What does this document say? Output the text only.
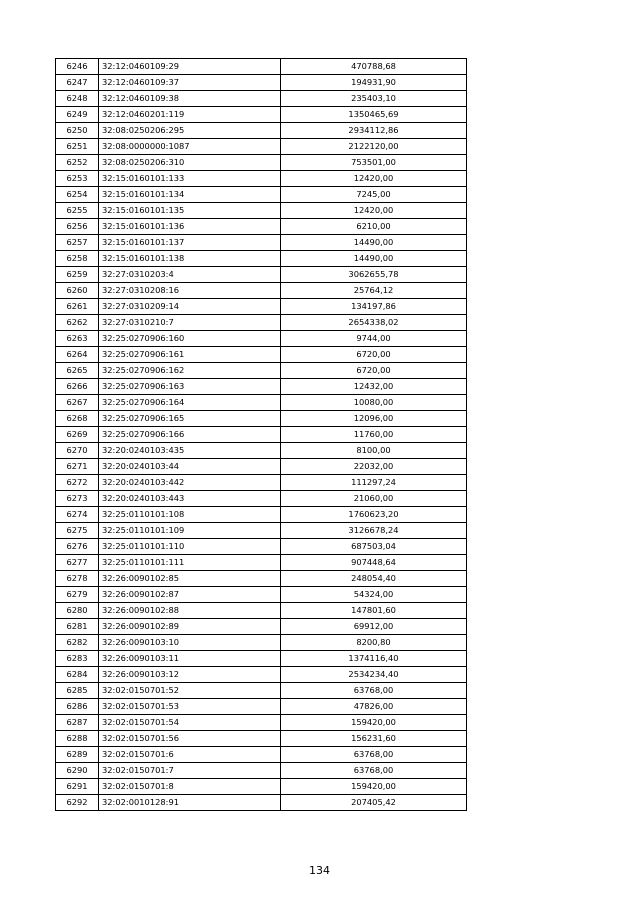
6246	32:12:0460109:29	470788,68
6247	32:12:0460109:37	194931,90
6248	32:12:0460109:38	235403,10
6249	32:12:0460201:119	1350465,69
6250	32:08:0250206:295	2934112,86
6251	32:08:0000000:1087	2122120,00
6252	32:08:0250206:310	753501,00
6253	32:15:0160101:133	12420,00
6254	32:15:0160101:134	7245,00
6255	32:15:0160101:135	12420,00
6256	32:15:0160101:136	6210,00
6257	32:15:0160101:137	14490,00
6258	32:15:0160101:138	14490,00
6259	32:27:0310203:4	3062655,78
6260	32:27:0310208:16	25764,12
6261	32:27:0310209:14	134197,86
6262	32:27:0310210:7	2654338,02
6263	32:25:0270906:160	9744,00
6264	32:25:0270906:161	6720,00
6265	32:25:0270906:162	6720,00
6266	32:25:0270906:163	12432,00
6267	32:25:0270906:164	10080,00
6268	32:25:0270906:165	12096,00
6269	32:25:0270906:166	11760,00
6270	32:20:0240103:435	8100,00
6271	32:20:0240103:44	22032,00
6272	32:20:0240103:442	111297,24
6273	32:20:0240103:443	21060,00
6274	32:25:0110101:108	1760623,20
6275	32:25:0110101:109	3126678,24
6276	32:25:0110101:110	687503,04
6277	32:25:0110101:111	907448,64
6278	32:26:0090102:85	248054,40
6279	32:26:0090102:87	54324,00
6280	32:26:0090102:88	147801,60
6281	32:26:0090102:89	69912,00
6282	32:26:0090103:10	8200,80
6283	32:26:0090103:11	1374116,40
6284	32:26:0090103:12	2534234,40
6285	32:02:0150701:52	63768,00
6286	32:02:0150701:53	47826,00
6287	32:02:0150701:54	159420,00
6288	32:02:0150701:56	156231,60
6289	32:02:0150701:6	63768,00
6290	32:02:0150701:7	63768,00
6291	32:02:0150701:8	159420,00
6292	32:02:0010128:91	207405,42
134
